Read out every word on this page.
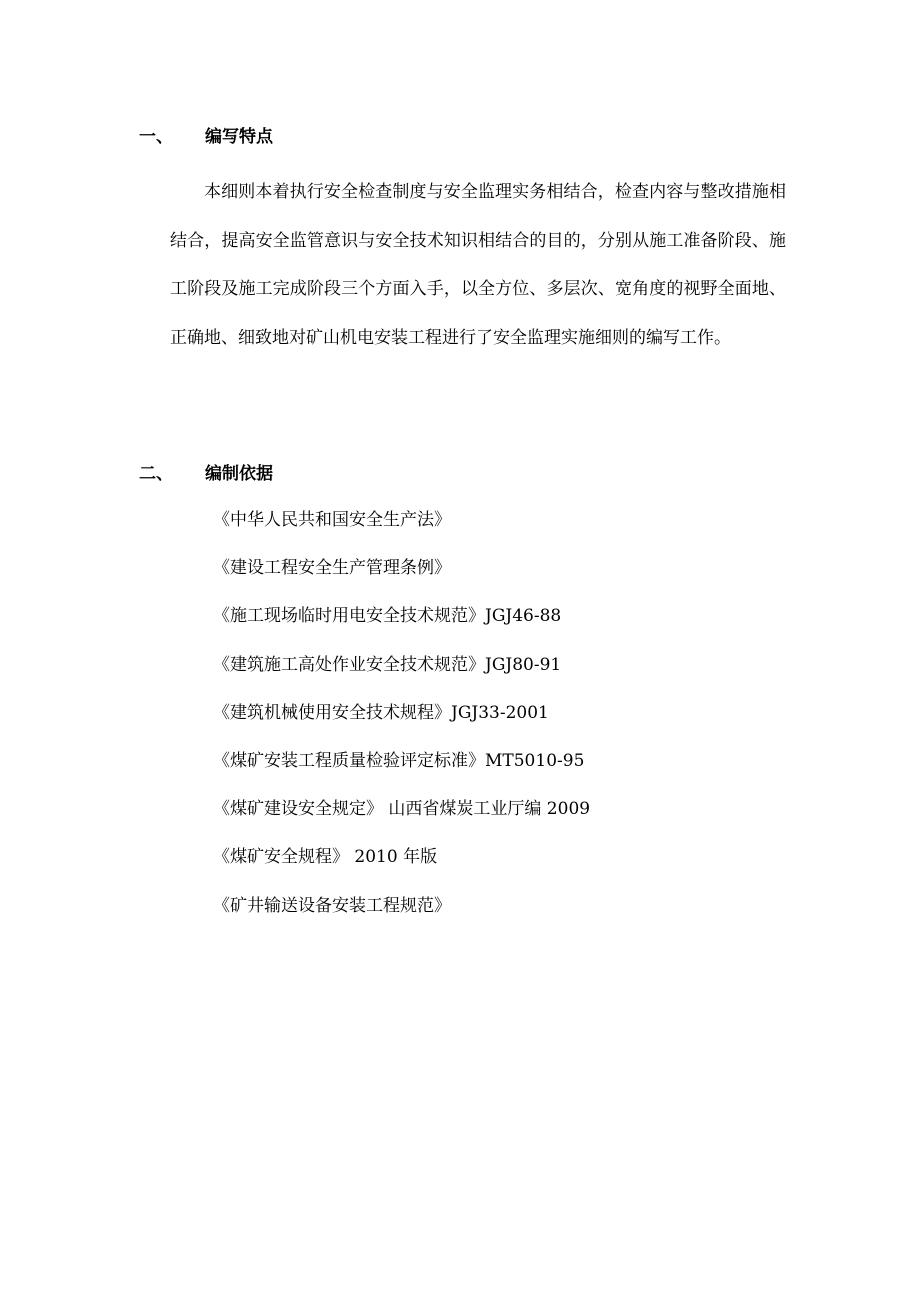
一、 编写特点

本细则本着执行安全检查制度与安全监理实务相结合，检查内容与整改措施相结合，提高安全监管意识与安全技术知识相结合的目的，分别从施工准备阶段、施工阶段及施工完成阶段三个方面入手，以全方位、多层次、宽角度的视野全面地、正确地、细致地对矿山机电安装工程进行了安全监理实施细则的编写工作。

二、 编制依据
《中华人民共和国安全生产法》
《建设工程安全生产管理条例》
《施工现场临时用电安全技术规范》JGJ46-88
《建筑施工高处作业安全技术规范》JGJ80-91
《建筑机械使用安全技术规程》JGJ33-2001
《煤矿安装工程质量检验评定标准》MT5010-95
《煤矿建设安全规定》 山西省煤炭工业厅编 2009
《煤矿安全规程》 2010 年版
《矿井输送设备安装工程规范》
